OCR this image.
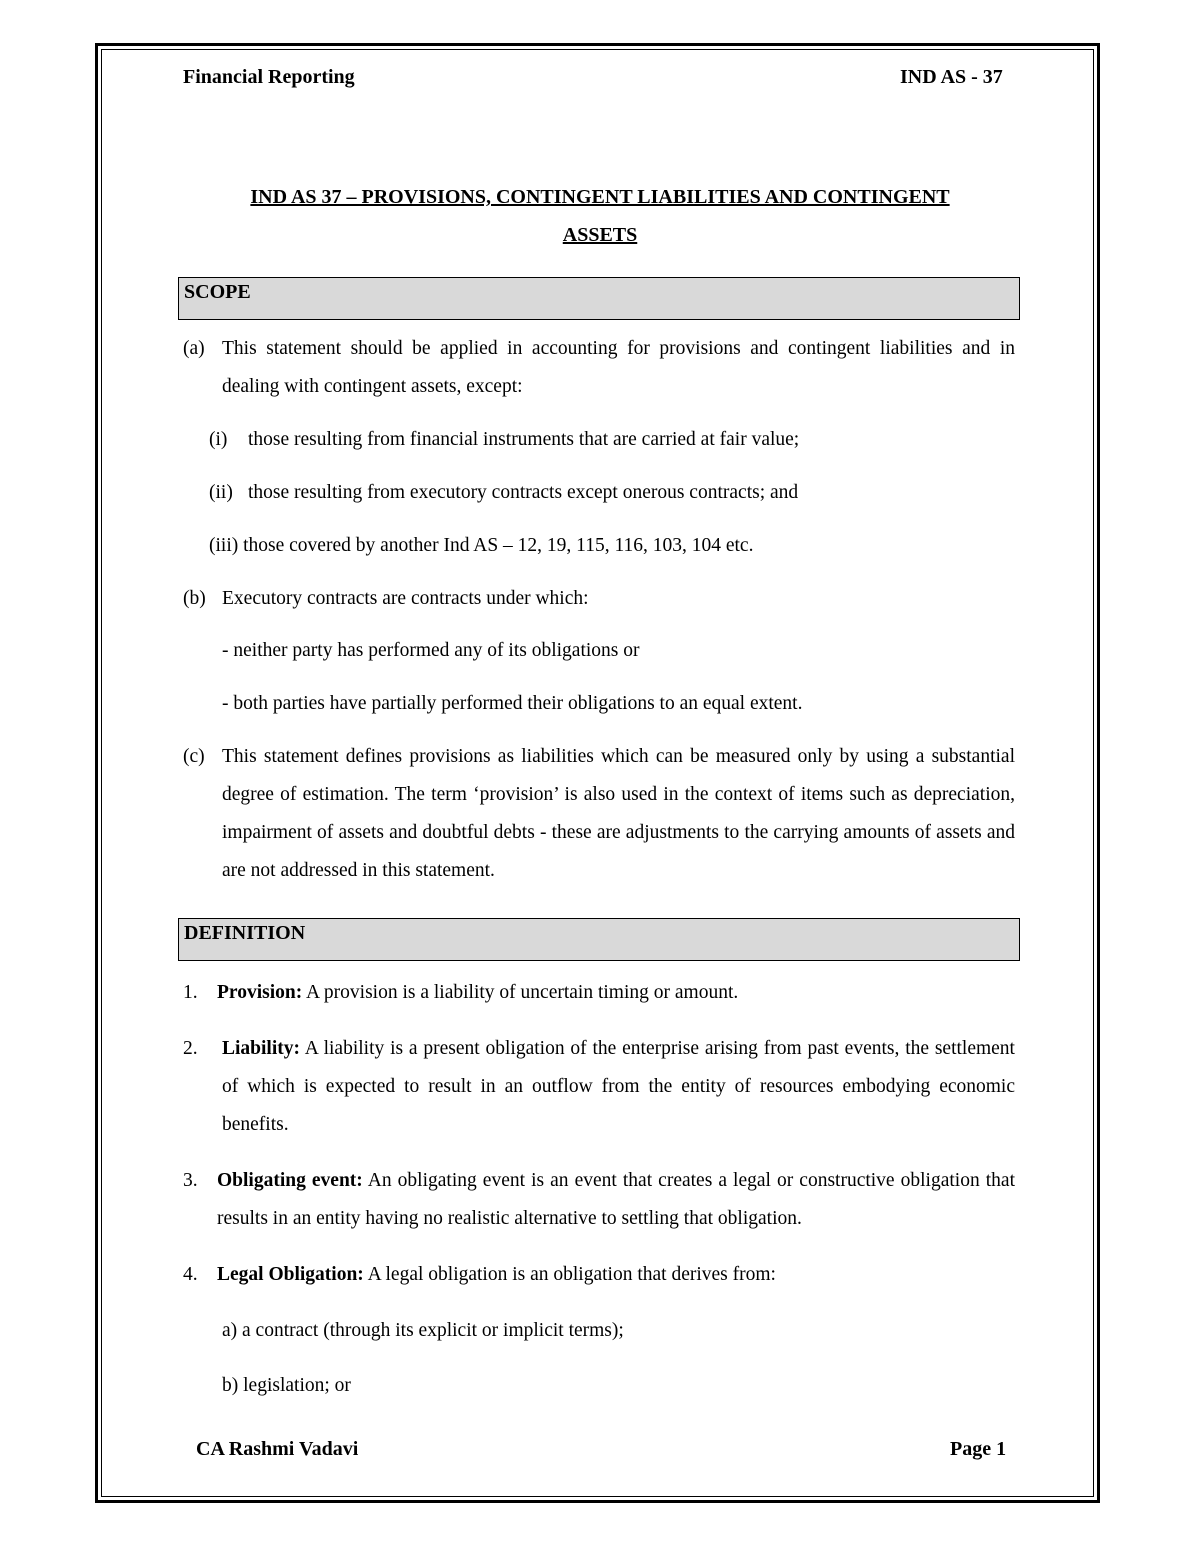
Financial Reporting	IND AS - 37
IND AS 37 – PROVISIONS, CONTINGENT LIABILITIES AND CONTINGENT
ASSETS
SCOPE
(a) This statement should be applied in accounting for provisions and contingent liabilities and in dealing with contingent assets, except:
(i) those resulting from financial instruments that are carried at fair value;
(ii) those resulting from executory contracts except onerous contracts; and
(iii) those covered by another Ind AS – 12, 19, 115, 116, 103, 104 etc.
(b) Executory contracts are contracts under which:
- neither party has performed any of its obligations or
- both parties have partially performed their obligations to an equal extent.
(c) This statement defines provisions as liabilities which can be measured only by using a substantial degree of estimation. The term ‘provision’ is also used in the context of items such as depreciation, impairment of assets and doubtful debts - these are adjustments to the carrying amounts of assets and are not addressed in this statement.
DEFINITION
1. Provision: A provision is a liability of uncertain timing or amount.
2. Liability: A liability is a present obligation of the enterprise arising from past events, the settlement of which is expected to result in an outflow from the entity of resources embodying economic benefits.
3. Obligating event: An obligating event is an event that creates a legal or constructive obligation that results in an entity having no realistic alternative to settling that obligation.
4. Legal Obligation: A legal obligation is an obligation that derives from:
a) a contract (through its explicit or implicit terms);
b) legislation; or
CA Rashmi Vadavi	Page 1
